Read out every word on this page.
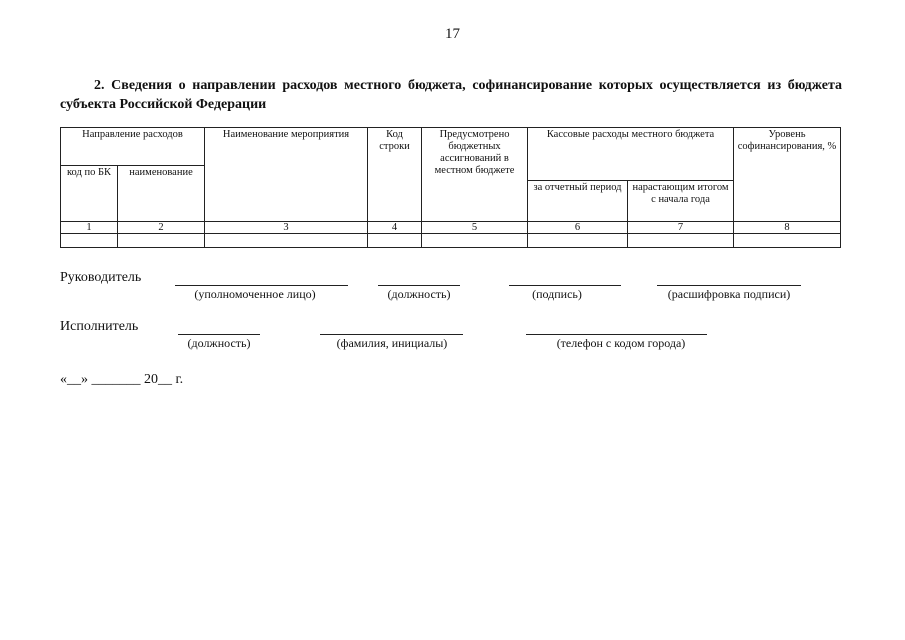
17
2. Сведения о направлении расходов местного бюджета, софинансирование которых осуществляется из бюджета субъекта Российской Федерации
Направление расходов		Наименование мероприятия	Код строки	Предусмотрено бюджетных ассигнований в местном бюджете	Кассовые расходы местного бюджета		Уровень софинансирования, %
код по БК	наименование						
					за отчетный период	нарастающим итогом с начала года	
1	2	3	4	5	6	7	8

Руководитель
(уполномоченное лицо)	(должность)	(подпись)	(расшифровка подписи)
Исполнитель
(должность)	(фамилия, инициалы)	(телефон с кодом города)
«__» _______ 20__ г.
